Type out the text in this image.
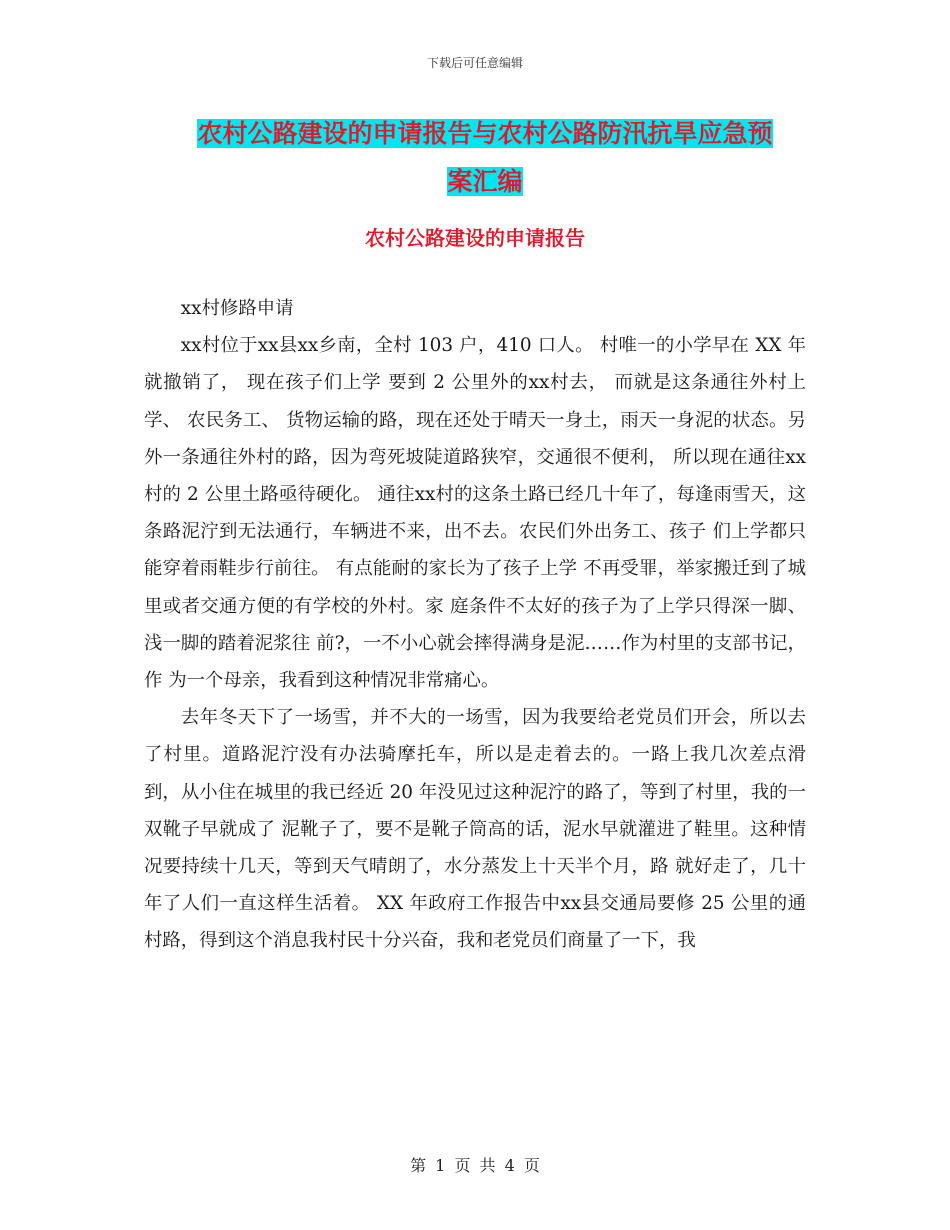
下载后可任意编辑
农村公路建设的申请报告与农村公路防汛抗旱应急预
案汇编
农村公路建设的申请报告

xx村修路申请

xx村位于xx县xx乡南，全村 103 户，410 口人。 村唯一的小学早在 XX 年就撤销了， 现在孩子们上学 要到 2 公里外的xx村去， 而就是这条通往外村上学、 农民务工、 货物运输的路，现在还处于晴天一身土，雨天一身泥的状态。另 外一条通往外村的路，因为弯死坡陡道路狭窄，交通很不便利， 所以现在通往xx村的 2 公里土路亟待硬化。 通往xx村的这条土路已经几十年了，每逢雨雪天，这条路泥泞到无法通行，车辆进不来，出不去。农民们外出务工、孩子 们上学都只能穿着雨鞋步行前往。 有点能耐的家长为了孩子上学 不再受罪，举家搬迁到了城里或者交通方便的有学校的外村。家 庭条件不太好的孩子为了上学只得深一脚、 浅一脚的踏着泥浆往 前?，一不小心就会摔得满身是泥……作为村里的支部书记，作 为一个母亲，我看到这种情况非常痛心。

去年冬天下了一场雪，并不大的一场雪，因为我要给老党员们开会，所以去了村里。道路泥泞没有办法骑摩托车，所以是走着去的。一路上我几次差点滑到，从小住在城里的我已经近 20 年没见过这种泥泞的路了，等到了村里，我的一双靴子早就成了 泥靴子了，要不是靴子筒高的话，泥水早就灌进了鞋里。这种情况要持续十几天，等到天气晴朗了，水分蒸发上十天半个月，路 就好走了，几十年了人们一直这样生活着。 XX 年政府工作报告中xx县交通局要修 25 公里的通村路，得到这个消息我村民十分兴奋，我和老党员们商量了一下，我

第 1 页 共 4 页
